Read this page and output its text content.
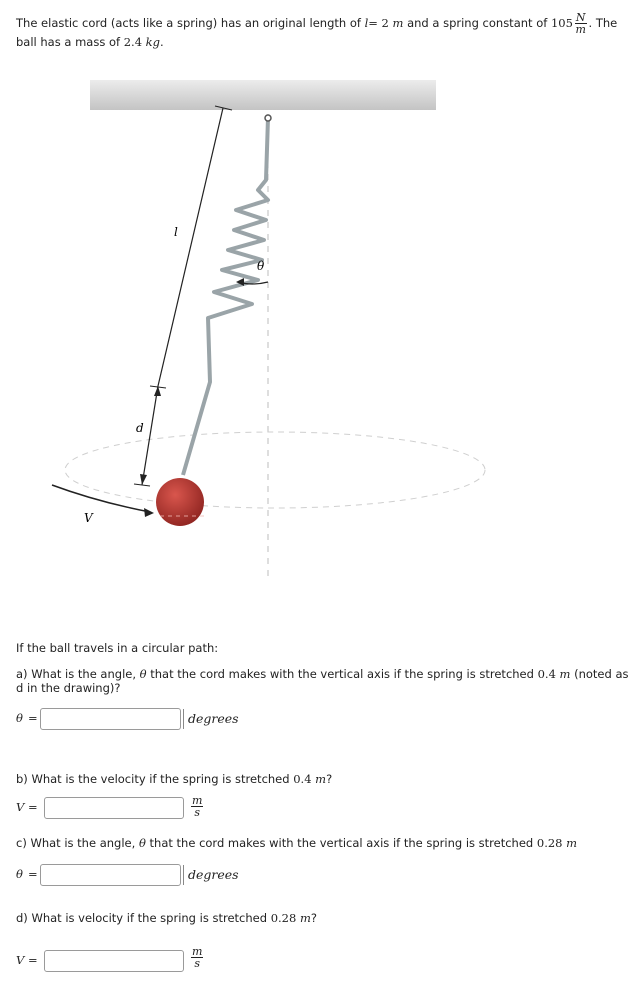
The elastic cord (acts like a spring) has an original length of l= 2 m and a spring constant of $105 \frac{N}{m}$ . The
ball has a mass of 2.4 kg.
l
d
θ
V
If the ball travels in a circular path:
a) What is the angle, θ that the cord makes with the vertical axis if the spring is stretched 0.4 m (noted as
d in the drawing)?
θ =	degrees
b) What is the velocity if the spring is stretched 0.4 m?
V =	$\frac{m}{s}$
c) What is the angle, θ that the cord makes with the vertical axis if the spring is stretched 0.28 m
θ =	degrees
d) What is velocity if the spring is stretched 0.28 m?
V =	$\frac{m}{s}$
